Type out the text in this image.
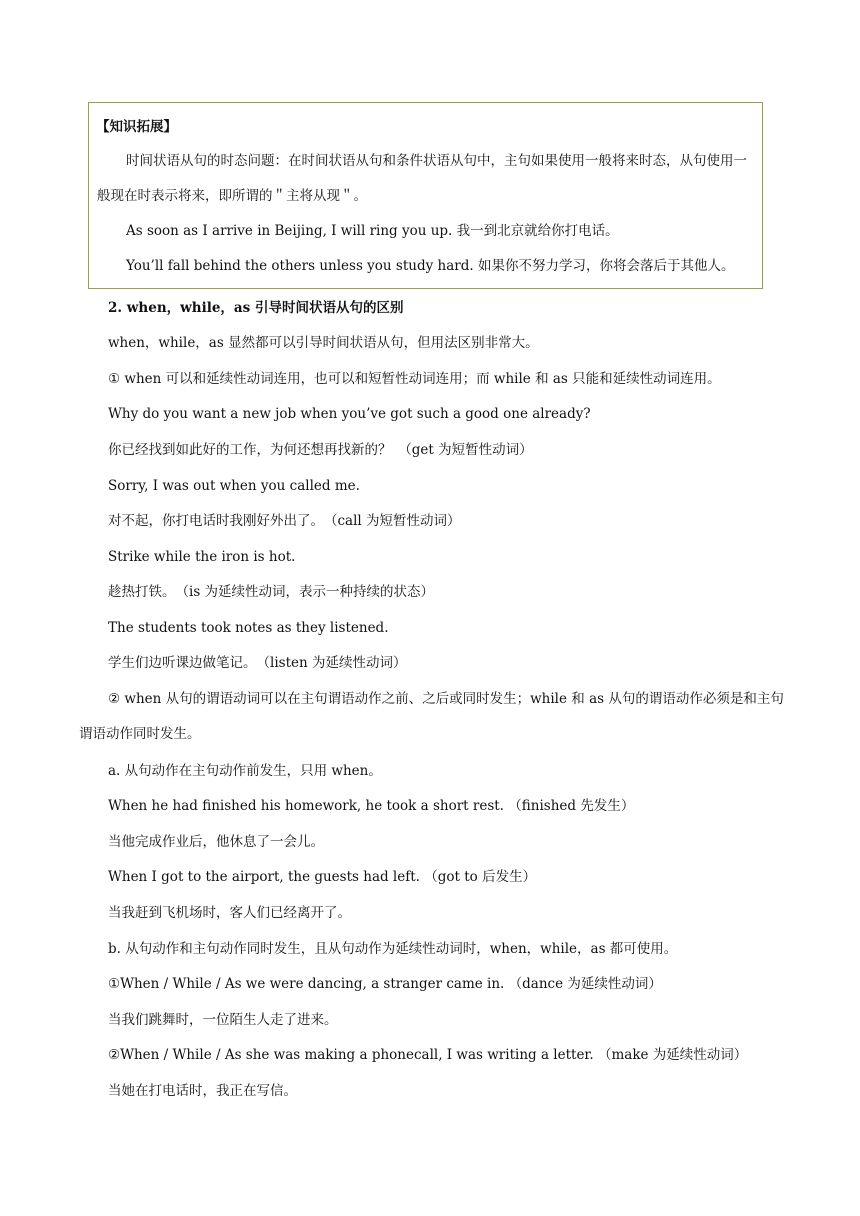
【知识拓展】

时间状语从句的时态问题：在时间状语从句和条件状语从句中，主句如果使用一般将来时态，从句使用一般现在时表示将来，即所谓的＂主将从现＂。

As soon as I arrive in Beijing, I will ring you up. 我一到北京就给你打电话。

You’ll fall behind the others unless you study hard. 如果你不努力学习，你将会落后于其他人。

2. when，while，as 引导时间状语从句的区别

when，while，as 显然都可以引导时间状语从句，但用法区别非常大。

① when 可以和延续性动词连用，也可以和短暂性动词连用；而 while 和 as 只能和延续性动词连用。

Why do you want a new job when you’ve got such a good one already?

你已经找到如此好的工作，为何还想再找新的？　（get 为短暂性动词）

Sorry, I was out when you called me.

对不起，你打电话时我刚好外出了。　（call 为短暂性动词）

Strike while the iron is hot.

趁热打铁。　（is 为延续性动词，表示一种持续的状态）

The students took notes as they listened.

学生们边听课边做笔记。　（listen 为延续性动词）

② when 从句的谓语动词可以在主句谓语动作之前、之后或同时发生；while 和 as 从句的谓语动作必须是和主句谓语动作同时发生。

a. 从句动作在主句动作前发生，只用 when。

When he had finished his homework, he took a short rest. （finished 先发生）

当他完成作业后，他休息了一会儿。

When I got to the airport, the guests had left. （got to 后发生）

当我赶到飞机场时，客人们已经离开了。

b. 从句动作和主句动作同时发生，且从句动作为延续性动词时，when，while，as 都可使用。

①When / While / As we were dancing, a stranger came in. （dance 为延续性动词）

当我们跳舞时，一位陌生人走了进来。

②When / While / As she was making a phonecall, I was writing a letter. （make 为延续性动词）

当她在打电话时，我正在写信。
